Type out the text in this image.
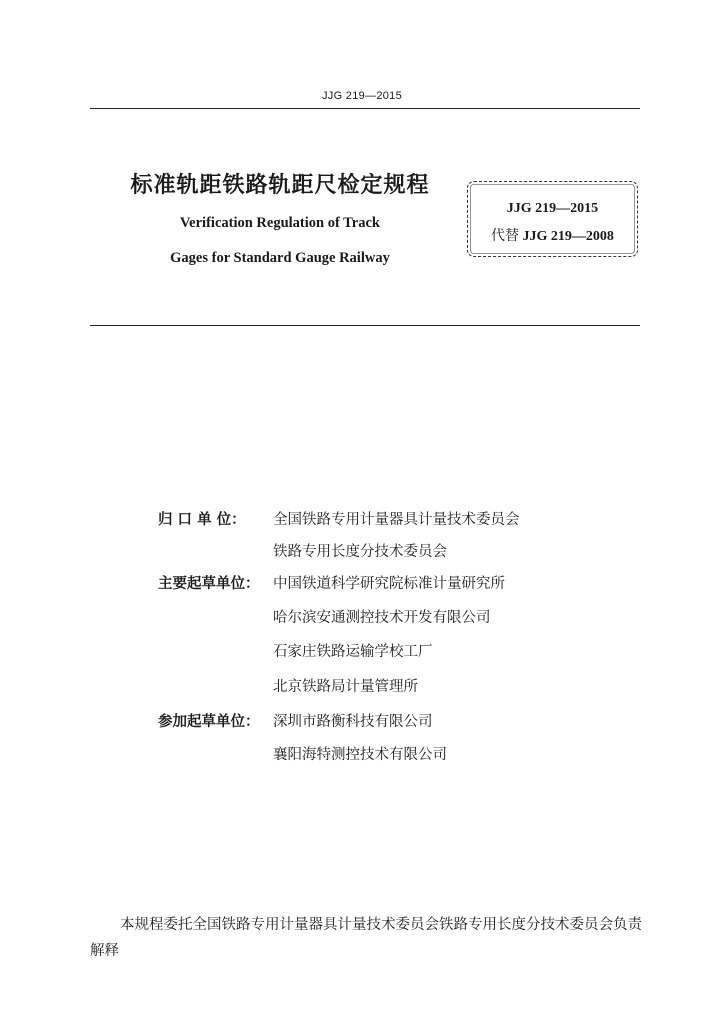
JJG 219—2015
标准轨距铁路轨距尺检定规程
Verification Regulation of Track
Gages for Standard Gauge Railway
JJG 219—2015
代替 JJG 219—2008
归 口 单 位： 全国铁路专用计量器具计量技术委员会
铁路专用长度分技术委员会
主要起草单位： 中国铁道科学研究院标准计量研究所
哈尔滨安通测控技术开发有限公司
石家庄铁路运输学校工厂
北京铁路局计量管理所
参加起草单位： 深圳市路衡科技有限公司
襄阳海特测控技术有限公司
本规程委托全国铁路专用计量器具计量技术委员会铁路专用长度分技术委员会负责解释
